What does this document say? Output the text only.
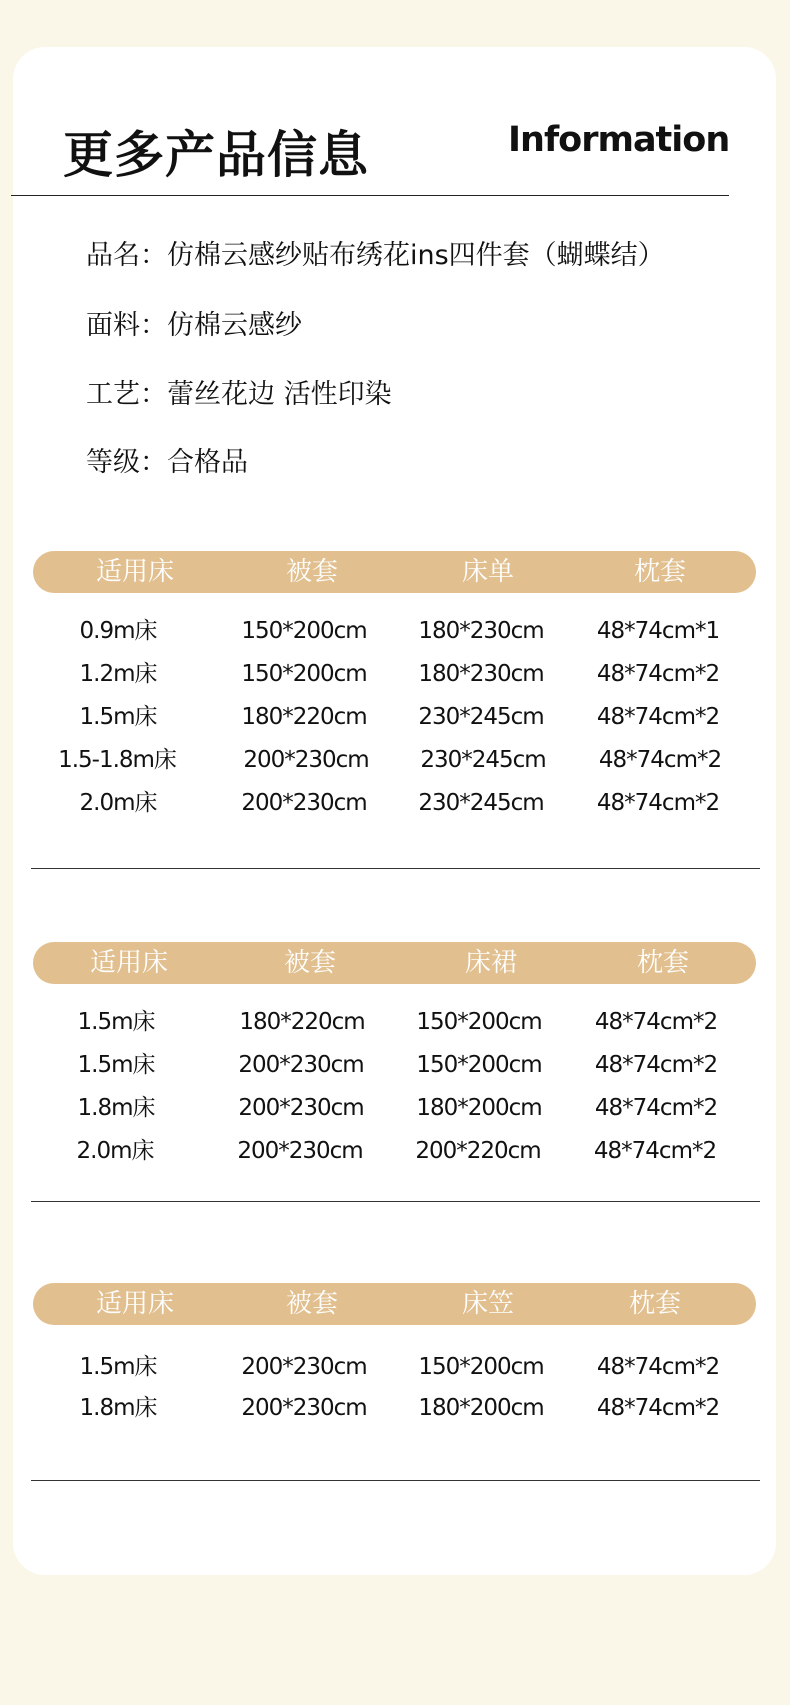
更多产品信息	Information
品名：仿棉云感纱贴布绣花ins四件套（蝴蝶结）
面料：仿棉云感纱
工艺：蕾丝花边 活性印染
等级：合格品
适用床	被套	床单	枕套
0.9m床	150*200cm 180*230cm 48*74cm*1
1.2m床	150*200cm 180*230cm 48*74cm*2
1.5m床	180*220cm 230*245cm 48*74cm*2
1.5-1.8m床	200*230cm 230*245cm 48*74cm*2
2.0m床	200*230cm 230*245cm 48*74cm*2
适用床	被套	床裙	枕套
1.5m床	180*220cm 150*200cm 48*74cm*2
1.5m床	200*230cm 150*200cm 48*74cm*2
1.8m床	200*230cm 180*200cm 48*74cm*2
2.0m床	200*230cm 200*220cm 48*74cm*2
适用床	被套	床笠	枕套
1.5m床	200*230cm 150*200cm 48*74cm*2
1.8m床	200*230cm 180*200cm 48*74cm*2
